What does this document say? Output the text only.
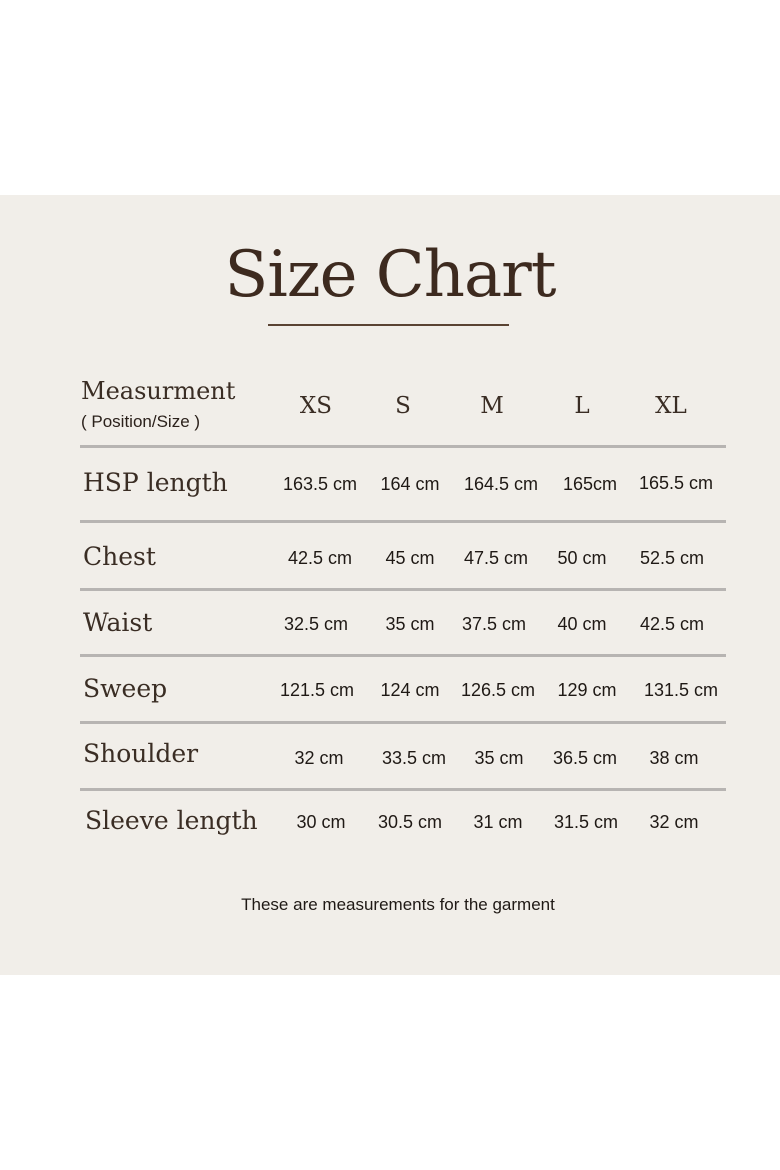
Size Chart
Measurment
( Position/Size )
XS	S	M	L	XL
HSP length	163.5 cm	164 cm	164.5 cm	165cm	165.5 cm
Chest	42.5 cm	45 cm	47.5 cm	50 cm	52.5 cm
Waist	32.5 cm	35 cm	37.5 cm	40 cm	42.5 cm
Sweep	121.5 cm	124 cm	126.5 cm	129 cm	131.5 cm
Shoulder	32 cm	33.5 cm	35 cm	36.5 cm	38 cm
Sleeve length	30 cm	30.5 cm	31 cm	31.5 cm	32 cm
These are measurements for the garment
